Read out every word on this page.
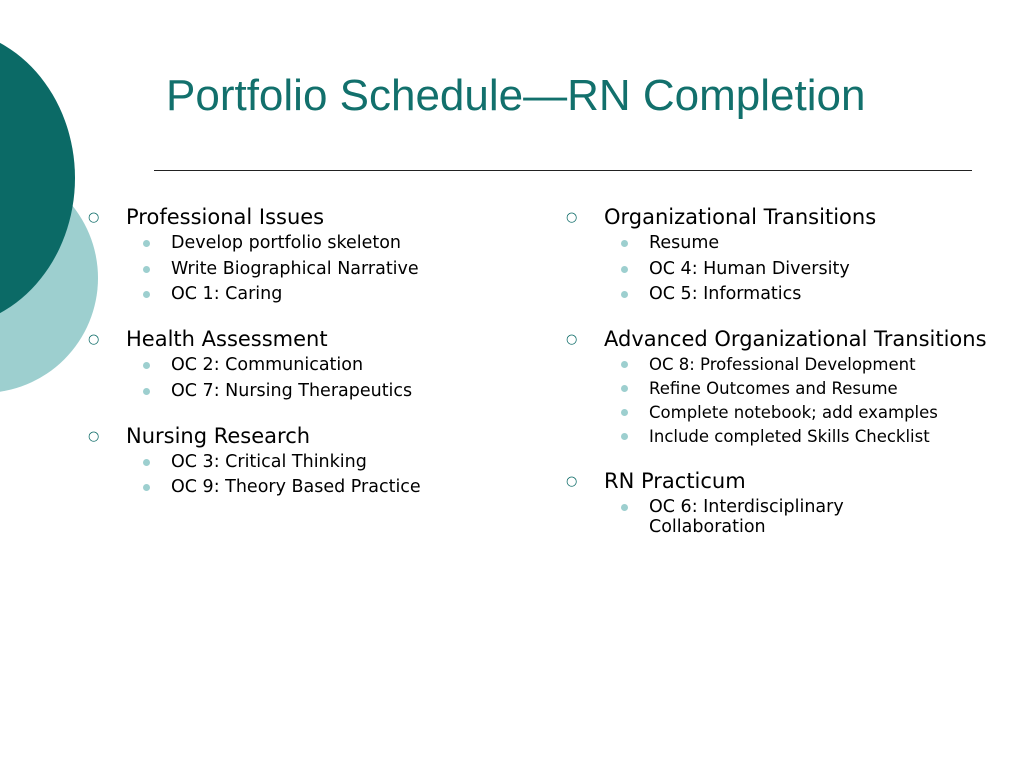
Portfolio Schedule—RN Completion
○ Professional Issues
Develop portfolio skeleton
Write Biographical Narrative
OC 1: Caring
○ Health Assessment
OC 2: Communication
OC 7: Nursing Therapeutics
○ Nursing Research
OC 3: Critical Thinking
OC 9: Theory Based Practice
○ Organizational Transitions
Resume
OC 4: Human Diversity
OC 5: Informatics
○ Advanced Organizational Transitions
OC 8: Professional Development
Refine Outcomes and Resume
Complete notebook; add examples
Include completed Skills Checklist
○ RN Practicum
OC 6: Interdisciplinary Collaboration
